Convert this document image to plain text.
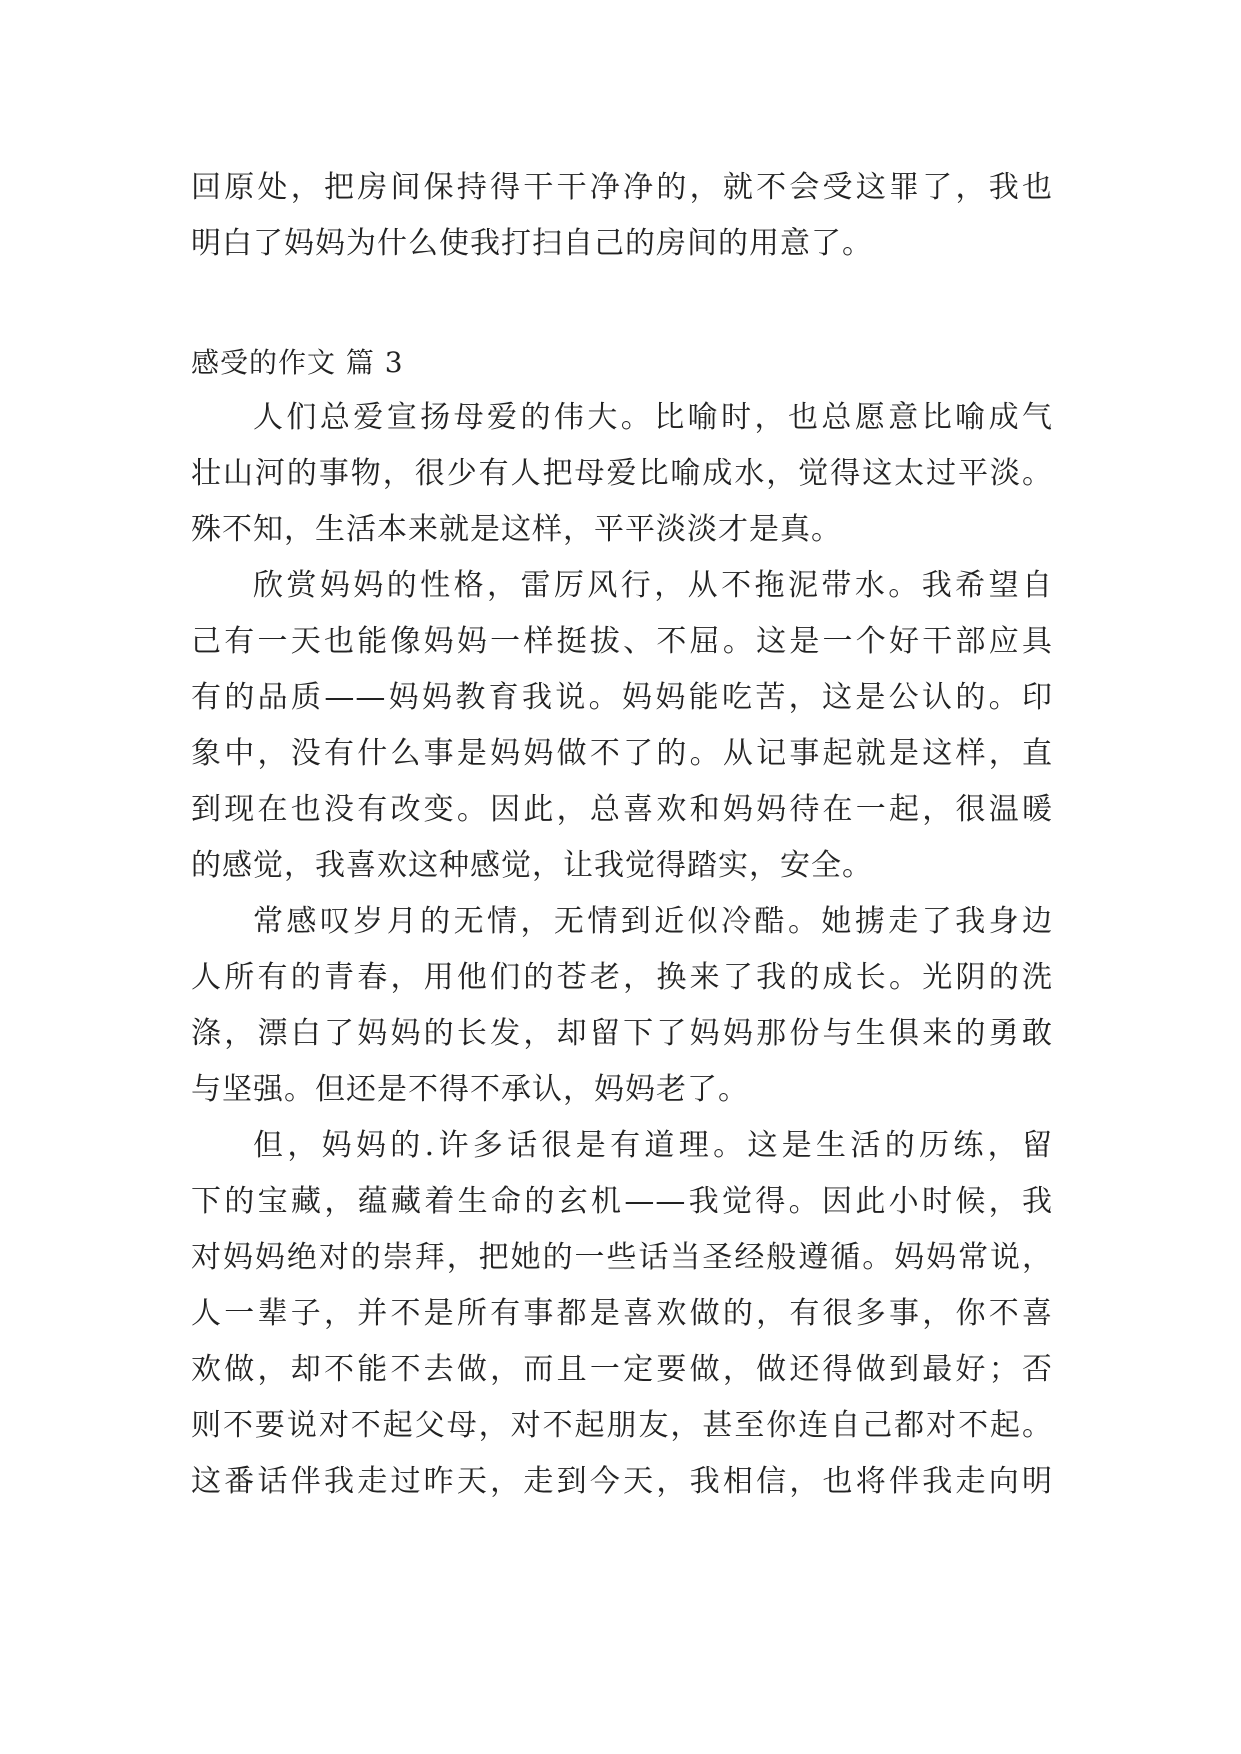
回原处，把房间保持得干干净净的，就不会受这罪了，我也
明白了妈妈为什么使我打扫自己的房间的用意了。
感受的作文 篇 3
人们总爱宣扬母爱的伟大。比喻时，也总愿意比喻成气
壮山河的事物，很少有人把母爱比喻成水，觉得这太过平淡。
殊不知，生活本来就是这样，平平淡淡才是真。
欣赏妈妈的性格，雷厉风行，从不拖泥带水。我希望自
己有一天也能像妈妈一样挺拔、不屈。这是一个好干部应具
有的品质——妈妈教育我说。妈妈能吃苦，这是公认的。印
象中，没有什么事是妈妈做不了的。从记事起就是这样，直
到现在也没有改变。因此，总喜欢和妈妈待在一起，很温暖
的感觉，我喜欢这种感觉，让我觉得踏实，安全。
常感叹岁月的无情，无情到近似冷酷。她掳走了我身边
人所有的青春，用他们的苍老，换来了我的成长。光阴的洗
涤，漂白了妈妈的长发，却留下了妈妈那份与生俱来的勇敢
与坚强。但还是不得不承认，妈妈老了。
但，妈妈的.许多话很是有道理。这是生活的历练，留
下的宝藏，蕴藏着生命的玄机——我觉得。因此小时候，我
对妈妈绝对的崇拜，把她的一些话当圣经般遵循。妈妈常说，
人一辈子，并不是所有事都是喜欢做的，有很多事，你不喜
欢做，却不能不去做，而且一定要做，做还得做到最好；否
则不要说对不起父母，对不起朋友，甚至你连自己都对不起。
这番话伴我走过昨天，走到今天，我相信，也将伴我走向明
